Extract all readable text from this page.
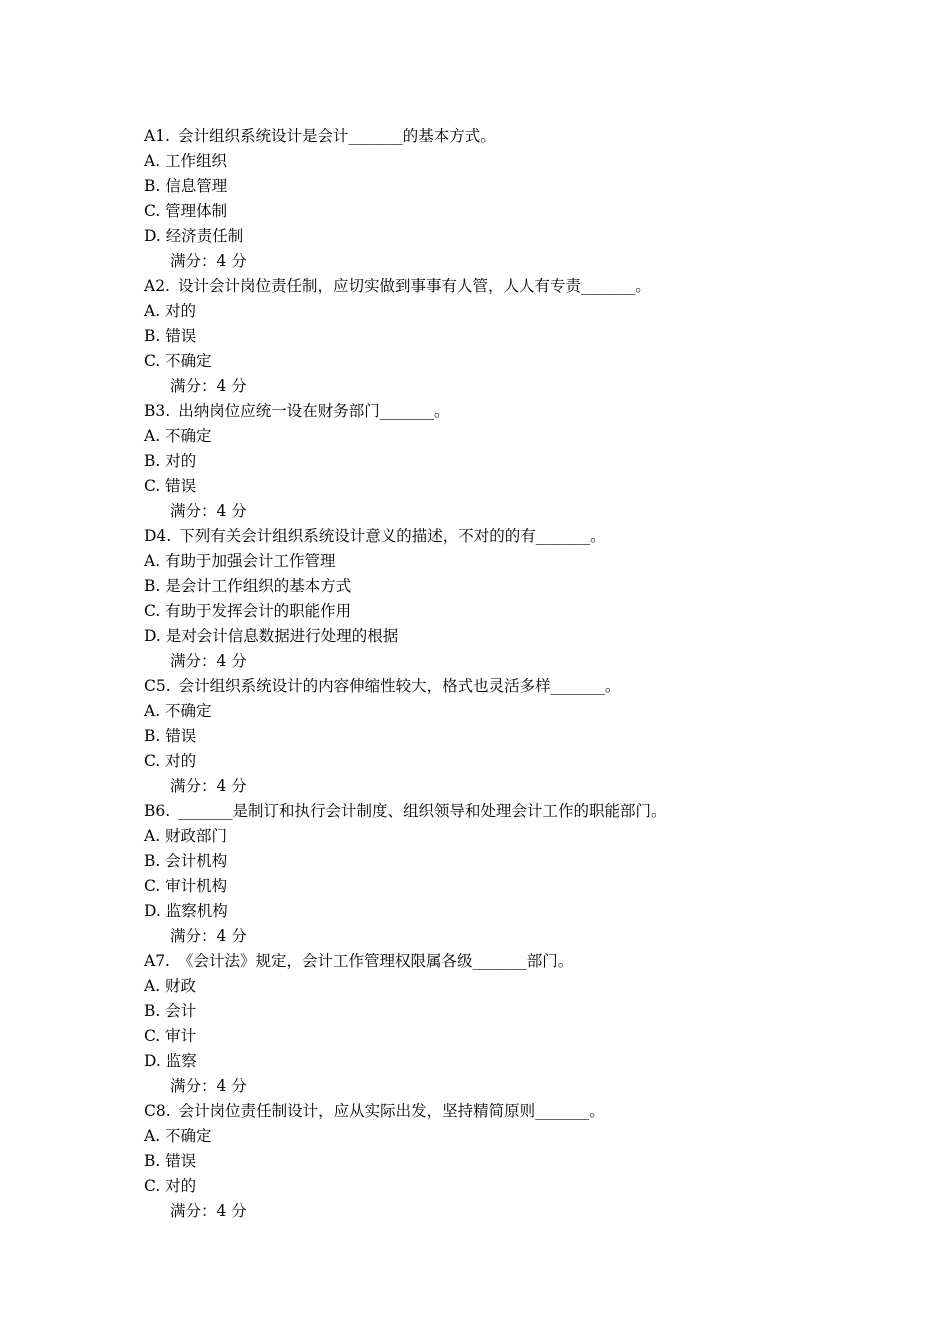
A1. 会计组织系统设计是会计_______的基本方式。
A. 工作组织
B. 信息管理
C. 管理体制
D. 经济责任制
满分：4 分
A2. 设计会计岗位责任制，应切实做到事事有人管，人人有专责_______。
A. 对的
B. 错误
C. 不确定
满分：4 分
B3. 出纳岗位应统一设在财务部门_______。
A. 不确定
B. 对的
C. 错误
满分：4 分
D4. 下列有关会计组织系统设计意义的描述，不对的的有_______。
A. 有助于加强会计工作管理
B. 是会计工作组织的基本方式
C. 有助于发挥会计的职能作用
D. 是对会计信息数据进行处理的根据
满分：4 分
C5. 会计组织系统设计的内容伸缩性较大，格式也灵活多样_______。
A. 不确定
B. 错误
C. 对的
满分：4 分
B6. _______是制订和执行会计制度、组织领导和处理会计工作的职能部门。
A. 财政部门
B. 会计机构
C. 审计机构
D. 监察机构
满分：4 分
A7. 《会计法》规定，会计工作管理权限属各级_______部门。
A. 财政
B. 会计
C. 审计
D. 监察
满分：4 分
C8. 会计岗位责任制设计，应从实际出发，坚持精简原则_______。
A. 不确定
B. 错误
C. 对的
满分：4 分
